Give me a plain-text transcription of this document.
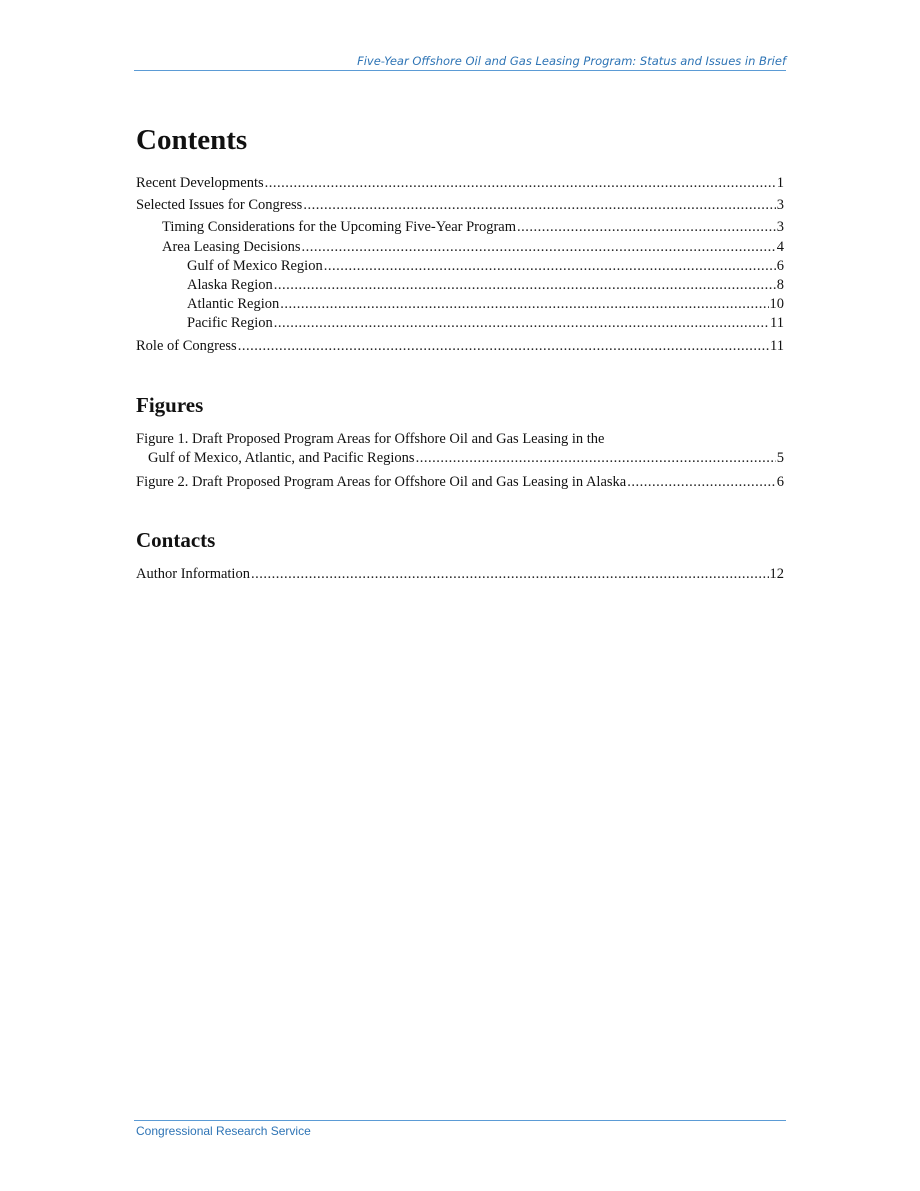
Five-Year Offshore Oil and Gas Leasing Program: Status and Issues in Brief
Contents
Recent Developments .....	1
Selected Issues for Congress .....	3
Timing Considerations for the Upcoming Five-Year Program .....	3
Area Leasing Decisions .....	4
Gulf of Mexico Region .....	6
Alaska Region .....	8
Atlantic Region .....	10
Pacific Region .....	11
Role of Congress .....	11
Figures
Figure 1. Draft Proposed Program Areas for Offshore Oil and Gas Leasing in the
Gulf of Mexico, Atlantic, and Pacific Regions .....	5
Figure 2. Draft Proposed Program Areas for Offshore Oil and Gas Leasing in Alaska .....	6
Contacts
Author Information .....	12
Congressional Research Service
